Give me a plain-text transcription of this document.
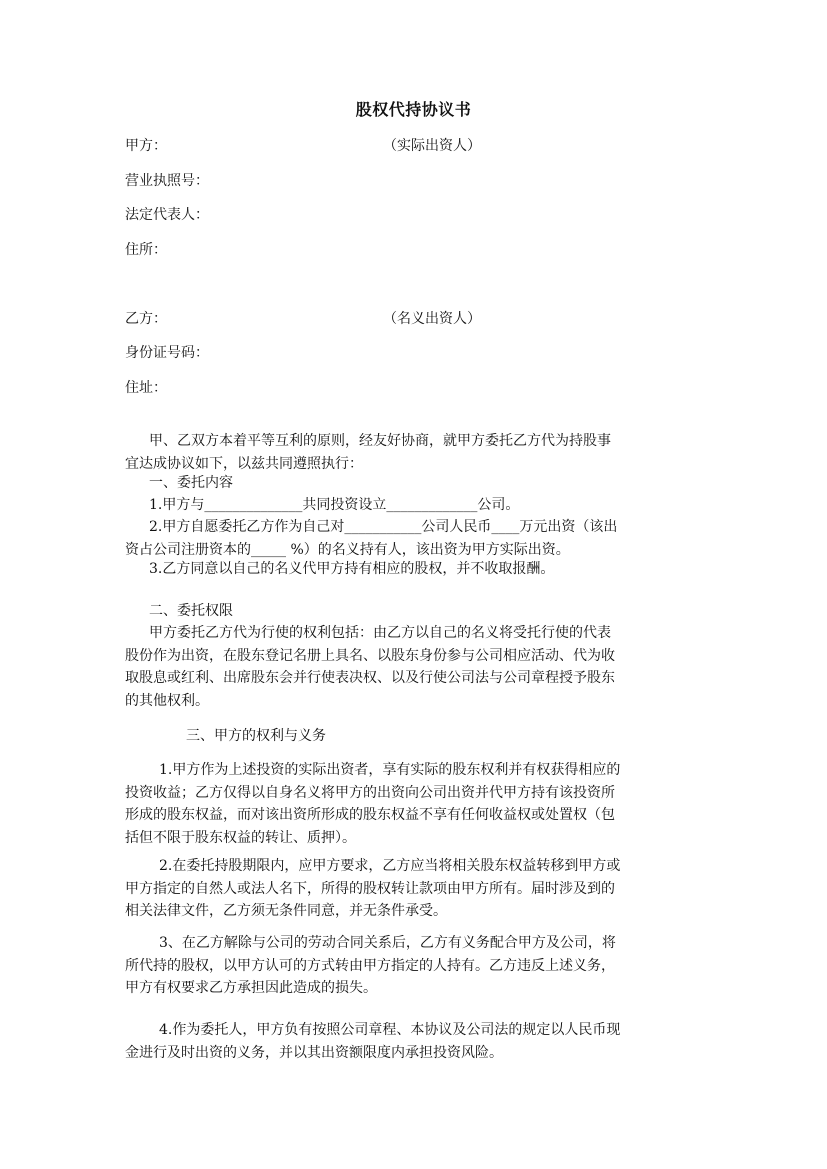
股权代持协议书
甲方：	（实际出资人）
营业执照号：
法定代表人：
住所：
乙方：	（名义出资人）
身份证号码：
住址：
甲、乙双方本着平等互利的原则，经友好协商，就甲方委托乙方代为持股事
宜达成协议如下，以兹共同遵照执行：
一、委托内容
1.甲方与______________共同投资设立_____________公司。
2.甲方自愿委托乙方作为自己对___________公司人民币____万元出资（该出
资占公司注册资本的_____ %）的名义持有人，该出资为甲方实际出资。
3.乙方同意以自己的名义代甲方持有相应的股权，并不收取报酬。
二、委托权限
甲方委托乙方代为行使的权利包括：由乙方以自己的名义将受托行使的代表
股份作为出资，在股东登记名册上具名、以股东身份参与公司相应活动、代为收
取股息或红利、出席股东会并行使表决权、以及行使公司法与公司章程授予股东
的其他权利。
三、甲方的权利与义务
1.甲方作为上述投资的实际出资者，享有实际的股东权利并有权获得相应的
投资收益；乙方仅得以自身名义将甲方的出资向公司出资并代甲方持有该投资所
形成的股东权益，而对该出资所形成的股东权益不享有任何收益权或处置权（包
括但不限于股东权益的转让、质押）。
2.在委托持股期限内，应甲方要求，乙方应当将相关股东权益转移到甲方或
甲方指定的自然人或法人名下，所得的股权转让款项由甲方所有。届时涉及到的
相关法律文件，乙方须无条件同意，并无条件承受。
3、在乙方解除与公司的劳动合同关系后，乙方有义务配合甲方及公司，将
所代持的股权，以甲方认可的方式转由甲方指定的人持有。乙方违反上述义务，
甲方有权要求乙方承担因此造成的损失。
4.作为委托人，甲方负有按照公司章程、本协议及公司法的规定以人民币现
金进行及时出资的义务，并以其出资额限度内承担投资风险。
